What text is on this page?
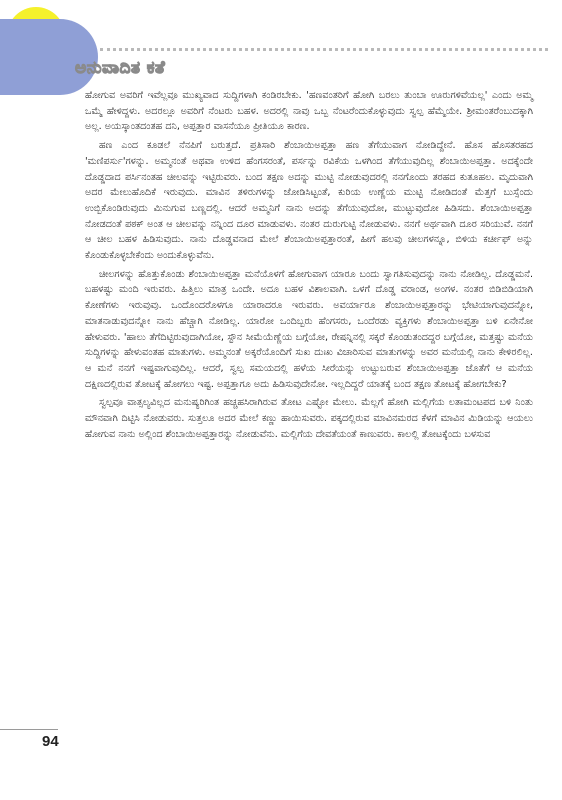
ಅನುವಾದಿತ ಕತೆ

ಹೋಗುವ ಅವರಿಗೆ ಇವೆಲ್ಲವೂ ಮುಖ್ಯವಾದ ಸುದ್ದಿಗಳಾಗಿ ಕಂಡಿರಬೇಕು. 'ಹಣವಂತರಿಗೆ ಹೋಗಿ ಬರಲು ತುಂಬಾ ಊರುಗಳಿವೆಯಲ್ಲ' ಎಂದು ಅಮ್ಮ ಒಮ್ಮೆ ಹೇಳಿದ್ದಳು. ಅದರಲ್ಲೂ ಅವರಿಗೆ ನೆಂಟರು ಬಹಳ. ಅದರಲ್ಲಿ ನಾವು ಒಬ್ಬ ನೆಂಟರೆಂದುಕೊಳ್ಳುವುದು ಸ್ವಲ್ಪ ಹೆಮ್ಮೆಯೇ. ಶ್ರೀಮಂತರೆಂಬುದಕ್ಕಾಗಿ ಅಲ್ಲ. ಅಯಸ್ಕಾಂತದಂತಹ ದನಿ, ಅಪ್ಪತ್ತಾರ ವಾಸನೆಯೂ ಪ್ರೀತಿಯೂ ಕಾರಣ.

ಹಣ ಎಂದ ಕೂಡಲೆ ನೆನಪಿಗೆ ಬರುತ್ತದೆ. ಪ್ರತಿಸಾರಿ ಶೆಂಬಾಯಿಅಪ್ಪತ್ತಾ ಹಣ ತೆಗೆಯುವಾಗ ನೋಡಿದ್ದೇನೆ. ಹೊಸ ಹೊಸತರಹದ 'ಮಣಿಪರ್ಸು'ಗಳನ್ನು. ಅಮ್ಮನಂತೆ ಅಥವಾ ಉಳಿದ ಹೆಂಗಸರಂತೆ, ಪರ್ಸನ್ನು ರವಿಕೆಯ ಒಳಗಿಂದ ತೆಗೆಯುವುದಿಲ್ಲ ಶೆಂಬಾಯಿಅಪ್ಪತ್ತಾ. ಅದಕ್ಕೆಂದೇ ದೊಡ್ಡದಾದ ಪರ್ಸಿನಂತಹ ಚೀಲವನ್ನು ಇಟ್ಟಿರುವರು. ಬಂದ ತಕ್ಷಣ ಅದನ್ನು ಮುಟ್ಟಿ ನೋಡುವುದರಲ್ಲಿ ನನಗೊಂದು ತರಹದ ಕುತೂಹಲ. ಮೃದುವಾಗಿ ಅದರ ಮೇಲುಹೊದಿಕೆ ಇರುವುದು. ಮಾವಿನ ತಳಿರುಗಳನ್ನು ಜೋಡಿಸಿಟ್ಟಂತೆ, ಕುರಿಯ ಉಣ್ಣೆಯ ಮುಟ್ಟಿ ನೋಡಿದಂತೆ ಮೆತ್ತಗೆ ಬುಸ್ಸೆಂದು ಉಬ್ಬಿಕೊಂಡಿರುವುದು ಮಿನುಗುವ ಬಣ್ಣದಲ್ಲಿ. ಆದರೆ ಅಮ್ಮನಿಗೆ ನಾನು ಅದನ್ನು ತೆಗೆಯುವುದೋ, ಮುಟ್ಟುವುದೋ ಹಿಡಿಸದು. ಶೆಂಬಾಯಿಅಪ್ಪತ್ತಾ ನೋಡದಂತೆ ಪಠಕ್ ಅಂತ ಆ ಚೀಲವನ್ನು ನನ್ನಿಂದ ದೂರ ಮಾಡುವಳು. ನಂತರ ದುರುಗುಟ್ಟಿ ನೋಡುವಳು. ನನಗೆ ಅರ್ಥವಾಗಿ ದೂರ ಸರಿಯುವೆ. ನನಗೆ ಆ ಚೀಲ ಬಹಳ ಹಿಡಿಸುವುದು. ನಾನು ದೊಡ್ಡವನಾದ ಮೇಲೆ ಶೆಂಬಾಯಿಅಪ್ಪತ್ತಾರಂತೆ, ಹೀಗೆ ಹಲವು ಚೀಲಗಳನ್ನೂ, ಬಿಳಿಯ ಕರ್ಚೀಫ್ ಅನ್ನು ಕೊಂಡುಕೊಳ್ಳಬೇಕೆಂದು ಅಂದುಕೊಳ್ಳುವೆನು.

ಚೀಲಗಳನ್ನು ಹೊತ್ತುಕೊಂಡು ಶೆಂಬಾಯಿಅಪ್ಪತ್ತಾ ಮನೆಯೊಳಗೆ ಹೋಗುವಾಗ ಯಾರೂ ಬಂದು ಸ್ವಾಗತಿಸುವುದನ್ನು ನಾನು ನೋಡಿಲ್ಲ. ದೊಡ್ಡಮನೆ. ಬಹಳಷ್ಟು ಮಂದಿ ಇರುವರು. ಹಿತ್ತಿಲು ಮಾತ್ರ ಒಂದೇ. ಅದೂ ಬಹಳ ವಿಶಾಲವಾಗಿ. ಒಳಗೆ ದೊಡ್ಡ ವರಾಂಡ, ಅಂಗಳ. ನಂತರ ಬಿಡಿಬಿಡಿಯಾಗಿ ಕೋಣೆಗಳು ಇರುವುವು. ಒಂದೊಂದರೊಳಗೂ ಯಾರಾದರೂ ಇರುವರು. ಅವರ್ಯಾರೂ ಶೆಂಬಾಯಿಅಪ್ಪತ್ತಾರನ್ನು ಭೇಟಿಯಾಗುವುದನ್ನೋ, ಮಾತನಾಡುವುದನ್ನೋ ನಾನು ಹೆಚ್ಚಾಗಿ ನೋಡಿಲ್ಲ. ಯಾರೋ ಒಂದಿಬ್ಬರು ಹೆಂಗಸರು, ಒಂದೆರಡು ವ್ಯಕ್ತಿಗಳು ಶೆಂಬಾಯಿಅಪ್ಪತ್ತಾ ಬಳಿ ಏನೇನೋ ಹೇಳುವರು. 'ಹಾಲು ತೆಗೆದಿಟ್ಟಿರುವುದಾಗಿಯೋ, ಸ್ಟೌನ ಸೀಮೆಯೆಣ್ಣೆಯ ಬಗ್ಗೆಯೋ, ರೇಷನ್ನಿನಲ್ಲಿ ಸಕ್ಕರೆ ಕೊಂಡುತಂದದ್ದರ ಬಗ್ಗೆಯೋ, ಮತ್ತಷ್ಟು ಮನೆಯ ಸುದ್ದಿಗಳನ್ನು ಹೇಳುವಂತಹ ಮಾತುಗಳು. ಅಮ್ಮನಂತೆ ಅಕ್ಕರೆಯೊಂದಿಗೆ ಸುಖ ದುಃಖ ವಿಚಾರಿಸುವ ಮಾತುಗಳನ್ನು ಅವರ ಮನೆಯಲ್ಲಿ ನಾನು ಕೇಳಿರಲಿಲ್ಲ. ಆ ಮನೆ ನನಗೆ ಇಷ್ಟವಾಗುವುದಿಲ್ಲ. ಆದರೆ, ಸ್ವಲ್ಪ ಸಮಯದಲ್ಲಿ ಹಳೆಯ ಸೀರೆಯನ್ನು ಉಟ್ಟುಬರುವ ಶೆಂಬಾಯಿಅಪ್ಪತ್ತಾ ಜೊತೆಗೆ ಆ ಮನೆಯ ದಕ್ಷಿಣದಲ್ಲಿರುವ ತೋಟಕ್ಕೆ ಹೋಗಲು ಇಷ್ಟ. ಅಪ್ಪತ್ತಾಗೂ ಅದು ಹಿಡಿಸುವುದೇನೋ. ಇಲ್ಲದಿದ್ದರೆ ಯಾತಕ್ಕೆ ಬಂದ ತಕ್ಷಣ ತೋಟಕ್ಕೆ ಹೋಗಬೇಕು?

ಸ್ವಲ್ಪವೂ ವಾತ್ಸಲ್ಯವಿಲ್ಲದ ಮನುಷ್ಯರಿಗಿಂತ ಹಚ್ಚಹಸಿರಾಗಿರುವ ತೋಟ ಎಷ್ಟೋ ಮೇಲು. ಮೆಲ್ಲಗೆ ಹೋಗಿ ಮಲ್ಲಿಗೆಯ ಲತಾಮಂಟಪದ ಬಳಿ ನಿಂತು ಮೌನವಾಗಿ ದಿಟ್ಟಿಸಿ ನೋಡುವರು. ಸುತ್ತಲೂ ಅದರ ಮೇಲೆ ಕಣ್ಣು ಹಾಯಿಸುವರು. ಪಕ್ಕದಲ್ಲಿರುವ ಮಾವಿನಮರದ ಕೆಳಗೆ ಮಾವಿನ ಮಿಡಿಯನ್ನು ಆಯಲು ಹೋಗುವ ನಾನು ಅಲ್ಲಿಂದ ಶೆಂಬಾಯಿಅಪ್ಪತ್ತಾರನ್ನು ನೋಡುವೆನು. ಮಲ್ಲಿಗೆಯ ದೇವತೆಯಂತೆ ಕಾಣುವರು. ಕಾಲಲ್ಲಿ ತೋಟಕ್ಕೆಂದು ಬಳಸುವ

94
